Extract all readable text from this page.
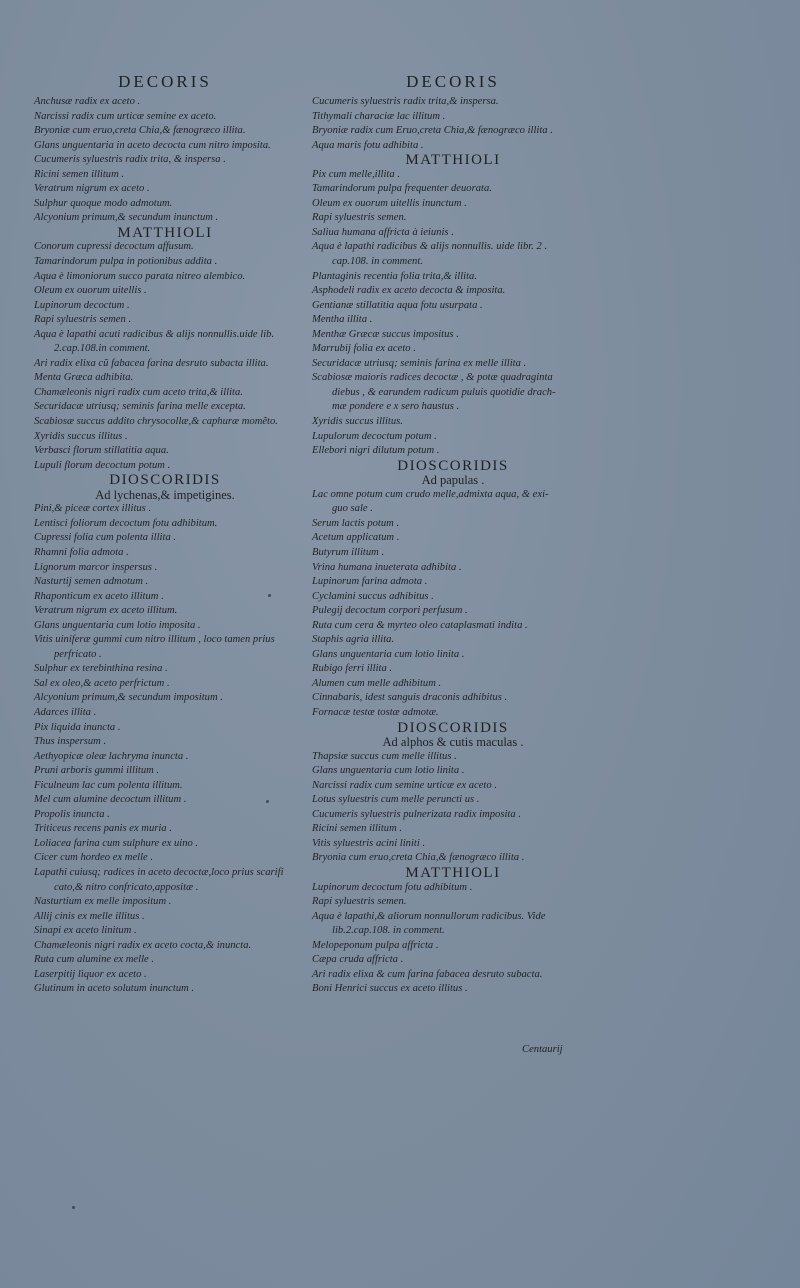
DECORIS
Anchusæ radix ex aceto .
Narcissi radix cum urticæ semine ex aceto.
Bryoniæ cum eruo,creta Chia,& fænogræco illita.
Glans unguentaria in aceto decocta cum nitro imposita.
Cucumeris syluestris radix trita, & inspersa .
Ricini semen illitum .
Veratrum nigrum ex aceto .
Sulphur quoque modo admotum.
Alcyonium primum,& secundum inunctum .
MATTHIOLI
Conorum cupressi decoctum affusum.
Tamarindorum pulpa in potionibus addita .
Aqua è limoniorum succo parata nitreo alembico.
Oleum ex ouorum uitellis .
Lupinorum decoctum .
Rapi syluestris semen .
Aqua è lapathi acuti radicibus & alijs nonnullis.uide lib.
2.cap.108.in comment.
Ari radix elixa cũ fabacea farina desruto subacta illita.
Menta Græca adhibita.
Chamæleonis nigri radix cum aceto trita,& illita.
Securidacæ utriusq; seminis farina melle excepta.
Scabiosæ succus addito chrysocollæ,& caphuræ momẽto.
Xyridis succus illitus .
Verbasci florum stillatitia aqua.
Lupuli florum decoctum potum .
DIOSCORIDIS
Ad lychenas,& impetigines.
Pini,& piceæ cortex illitus .
Lentisci foliorum decoctum fotu adhibitum.
Cupressi folia cum polenta illita .
Rhamni folia admota .
Lignorum marcor inspersus .
Nasturtij semen admotum .
Rhaponticum ex aceto illitum .
Veratrum nigrum ex aceto illitum.
Glans unguentaria cum lotio imposita .
Vitis uiniferæ gummi cum nitro illitum , loco tamen prius
perfricato .
Sulphur ex terebinthina resina .
Sal ex oleo,& aceto perfrictum .
Alcyonium primum,& secundum impositum .
Adarces illita .
Pix liquida inuncta .
Thus inspersum .
Aethyopicæ oleæ lachryma inuncta .
Pruni arboris gummi illitum .
Ficulneum lac cum polenta illitum.
Mel cum alumine decoctum illitum .
Propolis inuncta .
Triticeus recens panis ex muria .
Loliacea farina cum sulphure ex uino .
Cicer cum hordeo ex melle .
Lapathi cuiusq; radices in aceto decoctæ,loco prius scarifi
cato,& nitro confricato,appositæ .
Nasturtium ex melle impositum .
Allij cinis ex melle illitus .
Sinapi ex aceto linitum .
Chamæleonis nigri radix ex aceto cocta,& inuncta.
Ruta cum alumine ex melle .
Laserpitij liquor ex aceto .
Glutinum in aceto solutum inunctum .
DECORIS
Cucumeris syluestris radix trita,& inspersa.
Tithymali characiæ lac illitum .
Bryoniæ radix cum Eruo,creta Chia,& fænogræco illita .
Aqua maris fotu adhibita .
MATTHIOLI
Pix cum melle,illita .
Tamarindorum pulpa frequenter deuorata.
Oleum ex ouorum uitellis inunctum .
Rapi syluestris semen.
Saliua humana affricta à ieiunis .
Aqua è lapathi radicibus & alijs nonnullis. uide libr. 2 .
cap.108. in comment.
Plantaginis recentia folia trita,& illita.
Asphodeli radix ex aceto decocta & imposita.
Gentianæ stillatitia aqua fotu usurpata .
Mentha illita .
Menthæ Græcæ succus impositus .
Marrubij folia ex aceto .
Securidacæ utriusq; seminis farina ex melle illita .
Scabiosæ maioris radices decoctæ , & potæ quadraginta
diebus , & earundem radicum puluis quotidie drach-
mæ pondere e x sero haustus .
Xyridis succus illitus.
Lupulorum decoctum potum .
Ellebori nigri dilutum potum .
DIOSCORIDIS
Ad papulas .
Lac omne potum cum crudo melle,admixta aqua, & exi-
guo sale .
Serum lactis potum .
Acetum applicatum .
Butyrum illitum .
Vrina humana inueterata adhibita .
Lupinorum farina admota .
Cyclamini succus adhibitus .
Pulegij decoctum corpori perfusum .
Ruta cum cera & myrteo oleo cataplasmati indita .
Staphis agria illita.
Glans unguentaria cum lotio linita .
Rubigo ferri illita .
Alumen cum melle adhibitum .
Cinnabaris, idest sanguis draconis adhibitus .
Fornacæ testæ tostæ admotæ.
DIOSCORIDIS
Ad alphos & cutis maculas .
Thapsiæ succus cum melle illitus .
Glans unguentaria cum lotio linita .
Narcissi radix cum semine urticæ ex aceto .
Lotus syluestris cum melle peruncti us .
Cucumeris syluestris pulnerizata radix imposita .
Ricini semen illitum .
Vitis syluestris acini liniti .
Bryonia cum eruo,creta Chia,& fænogræco illita .
MATTHIOLI
Lupinorum decoctum fotu adhibitum .
Rapi syluestris semen.
Aqua è lapathi,& aliorum nonnullorum radicibus. Vide
lib.2.cap.108. in comment.
Melopeponum pulpa affricta .
Cæpa cruda affricta .
Ari radix elixa & cum farina fabacea desruto subacta.
Boni Henrici succus ex aceto illitus .
Centaurij
